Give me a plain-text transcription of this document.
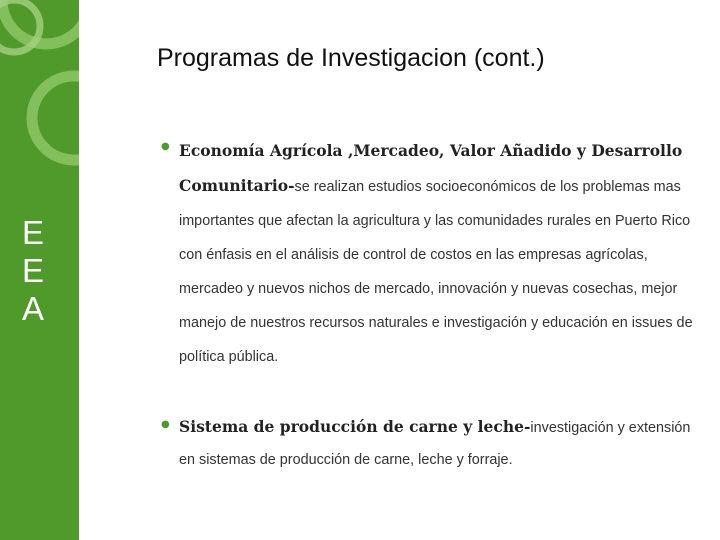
E
E
A
Programas de Investigacion (cont.)
● Economía Agrícola ,Mercadeo, Valor Añadido y Desarrollo Comunitario-se realizan estudios socioeconómicos de los problemas mas importantes que afectan la agricultura y las comunidades rurales en Puerto Rico con énfasis en el análisis de control de costos en las empresas agrícolas, mercadeo y nuevos nichos de mercado, innovación y nuevas cosechas, mejor manejo de nuestros recursos naturales e investigación y educación en issues de política pública.
● Sistema de producción de carne y leche-investigación y extensión en sistemas de producción de carne, leche y forraje.
